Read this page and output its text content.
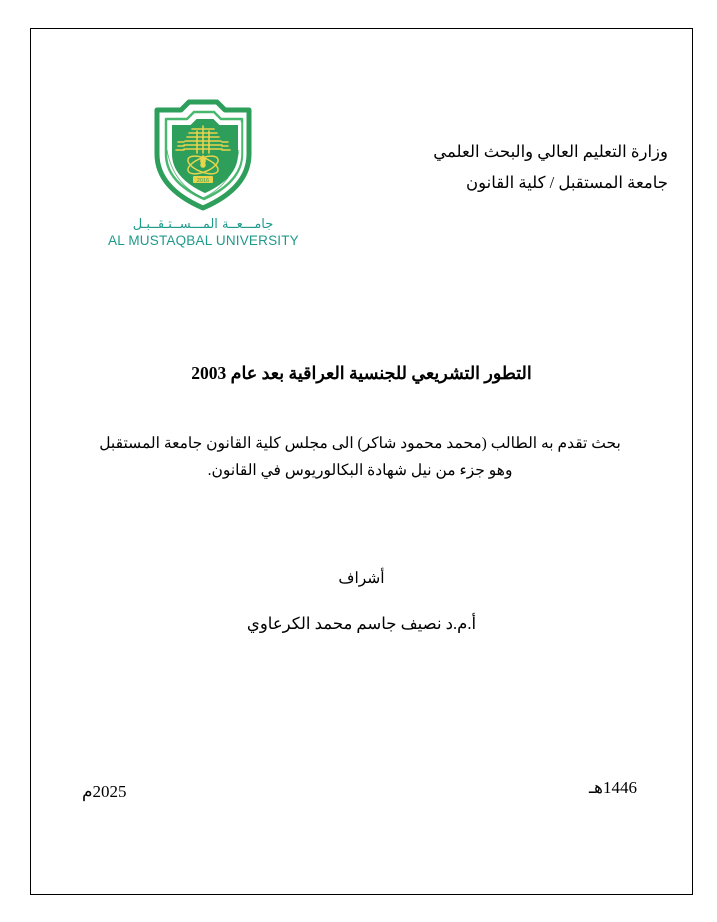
2016
جامـــعــة المـــســتـقــبـل
AL MUSTAQBAL UNIVERSITY
وزارة التعليم العالي والبحث العلمي
جامعة المستقبل / كلية القانون
التطور التشريعي للجنسية العراقية بعد عام 2003
بحث تقدم به الطالب (محمد محمود شاكر) الى مجلس كلية القانون جامعة المستقبل
وهو جزء من نيل شهادة البكالوريوس في القانون.
أشراف
أ.م.د نصيف جاسم محمد الكرعاوي
1446هـ
2025م
